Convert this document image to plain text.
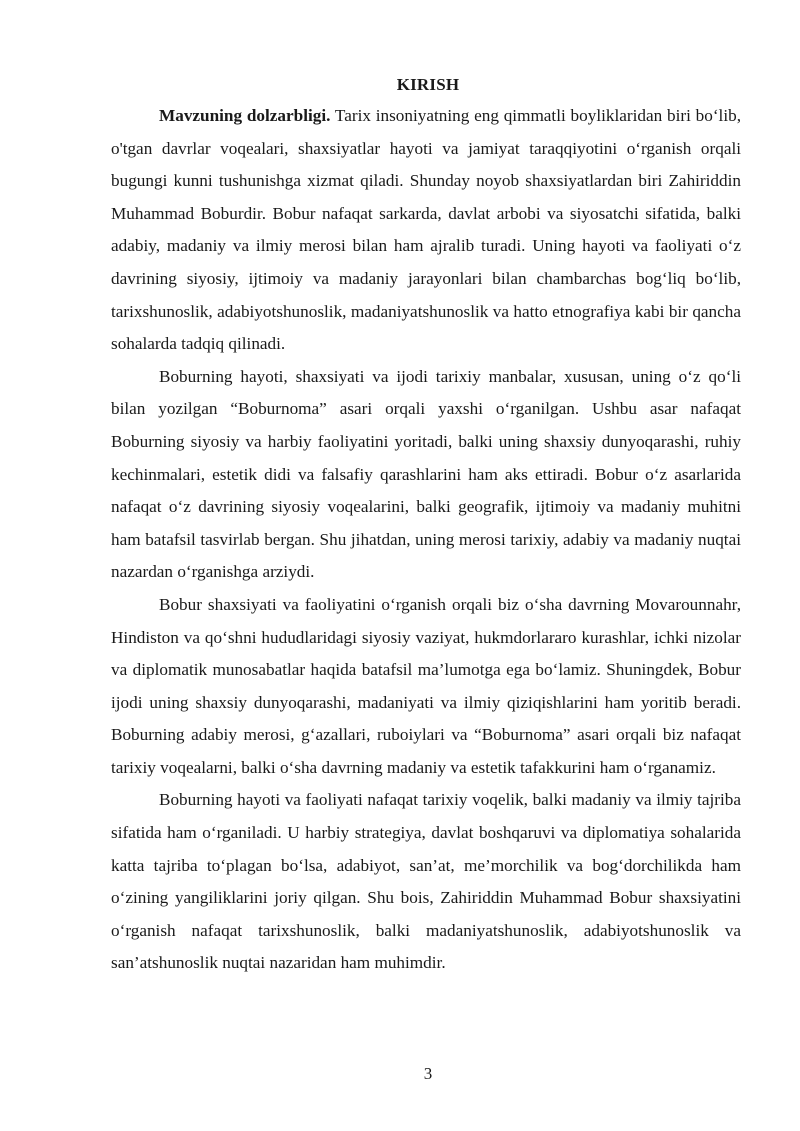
KIRISH

Mavzuning dolzarbligi. Tarix insoniyatning eng qimmatli boyliklaridan biri bo‘lib, o'tgan davrlar voqealari, shaxsiyatlar hayoti va jamiyat taraqqiyotini o‘rganish orqali bugungi kunni tushunishga xizmat qiladi. Shunday noyob shaxsiyatlardan biri Zahiriddin Muhammad Boburdir. Bobur nafaqat sarkarda, davlat arbobi va siyosatchi sifatida, balki adabiy, madaniy va ilmiy merosi bilan ham ajralib turadi. Uning hayoti va faoliyati o‘z davrining siyosiy, ijtimoiy va madaniy jarayonlari bilan chambarchas bog‘liq bo‘lib, tarixshunoslik, adabiyotshunoslik, madaniyatshunoslik va hatto etnografiya kabi bir qancha sohalarda tadqiq qilinadi.

Boburning hayoti, shaxsiyati va ijodi tarixiy manbalar, xususan, uning o‘z qo‘li bilan yozilgan “Boburnoma” asari orqali yaxshi o‘rganilgan. Ushbu asar nafaqat Boburning siyosiy va harbiy faoliyatini yoritadi, balki uning shaxsiy dunyoqarashi, ruhiy kechinmalari, estetik didi va falsafiy qarashlarini ham aks ettiradi. Bobur o‘z asarlarida nafaqat o‘z davrining siyosiy voqealarini, balki geografik, ijtimoiy va madaniy muhitni ham batafsil tasvirlab bergan. Shu jihatdan, uning merosi tarixiy, adabiy va madaniy nuqtai nazardan o‘rganishga arziydi.

Bobur shaxsiyati va faoliyatini o‘rganish orqali biz o‘sha davrning Movarounnahr, Hindiston va qo‘shni hududlaridagi siyosiy vaziyat, hukmdorlararo kurashlar, ichki nizolar va diplomatik munosabatlar haqida batafsil ma’lumotga ega bo‘lamiz. Shuningdek, Bobur ijodi uning shaxsiy dunyoqarashi, madaniyati va ilmiy qiziqishlarini ham yoritib beradi. Boburning adabiy merosi, g‘azallari, ruboiylari va “Boburnoma” asari orqali biz nafaqat tarixiy voqealarni, balki o‘sha davrning madaniy va estetik tafakkurini ham o‘rganamiz.

Boburning hayoti va faoliyati nafaqat tarixiy voqelik, balki madaniy va ilmiy tajriba sifatida ham o‘rganiladi. U harbiy strategiya, davlat boshqaruvi va diplomatiya sohalarida katta tajriba to‘plagan bo‘lsa, adabiyot, san’at, me’morchilik va bog‘dorchilikda ham o‘zining yangiliklarini joriy qilgan. Shu bois, Zahiriddin Muhammad Bobur shaxsiyatini o‘rganish nafaqat tarixshunoslik, balki madaniyatshunoslik, adabiyotshunoslik va san’atshunoslik nuqtai nazaridan ham muhimdir.

3
